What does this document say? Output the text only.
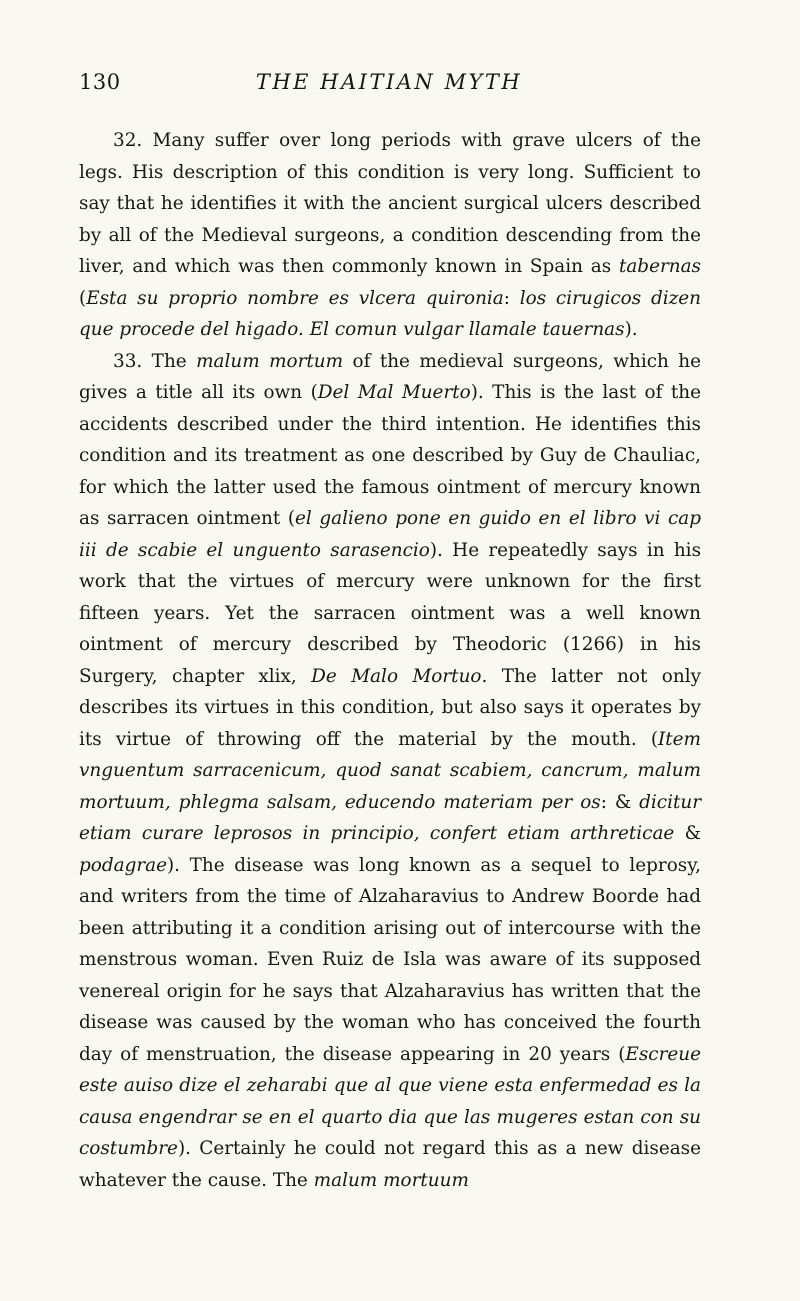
130	THE HAITIAN MYTH

32. Many suffer over long periods with grave ulcers of the legs. His description of this condition is very long. Sufficient to say that he identifies it with the ancient surgical ulcers described by all of the Medieval surgeons, a condition descending from the liver, and which was then commonly known in Spain as tabernas (Esta su proprio nombre es vlcera quironia: los cirugicos dizen que procede del higado. El comun vulgar llamale tauernas).

33. The malum mortum of the medieval surgeons, which he gives a title all its own (Del Mal Muerto). This is the last of the accidents described under the third intention. He identifies this condition and its treatment as one described by Guy de Chauliac, for which the latter used the famous ointment of mercury known as sarracen ointment (el galieno pone en guido en el libro vi cap iii de scabie el unguento sarasencio). He repeatedly says in his work that the virtues of mercury were unknown for the first fifteen years. Yet the sarracen ointment was a well known ointment of mercury described by Theodoric (1266) in his Surgery, chapter xlix, De Malo Mortuo. The latter not only describes its virtues in this condition, but also says it operates by its virtue of throwing off the material by the mouth. (Item vnguentum sarracenicum, quod sanat scabiem, cancrum, malum mortuum, phlegma salsam, educendo materiam per os: & dicitur etiam curare leprosos in principio, confert etiam arthreticae & podagrae). The disease was long known as a sequel to leprosy, and writers from the time of Alzaharavius to Andrew Boorde had been attributing it a condition arising out of intercourse with the menstrous woman. Even Ruiz de Isla was aware of its supposed venereal origin for he says that Alzaharavius has written that the disease was caused by the woman who has conceived the fourth day of menstruation, the disease appearing in 20 years (Escreue este auiso dize el zeharabi que al que viene esta enfermedad es la causa engendrar se en el quarto dia que las mugeres estan con su costumbre). Certainly he could not regard this as a new disease whatever the cause. The malum mortuum
